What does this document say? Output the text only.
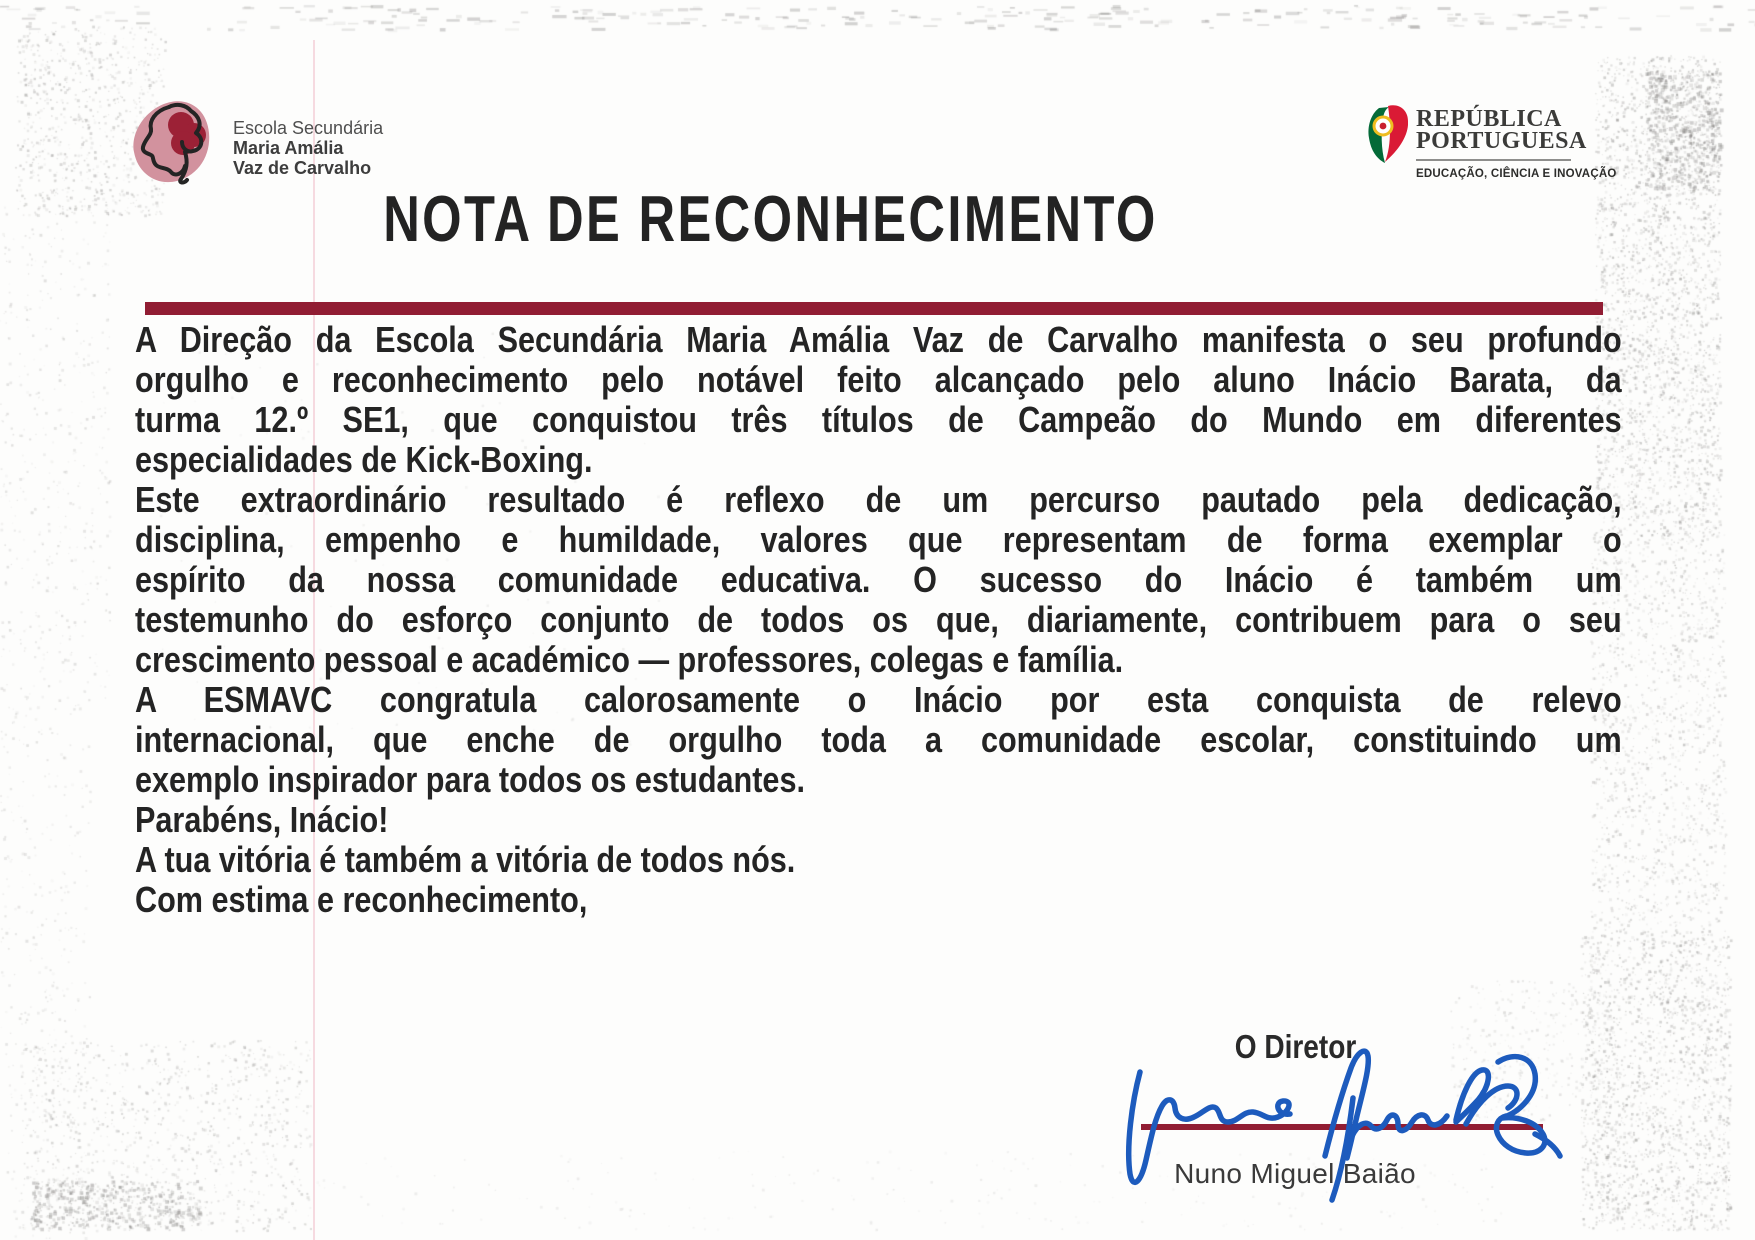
Escola Secundária
Maria Amália
Vaz de Carvalho
REPÚBLICA
PORTUGUESA
EDUCAÇÃO, CIÊNCIA E INOVAÇÃO
NOTA DE RECONHECIMENTO
A Direção da Escola Secundária Maria Amália Vaz de Carvalho manifesta o seu profundo
orgulho e reconhecimento pelo notável feito alcançado pelo aluno Inácio Barata, da
turma 12.º SE1, que conquistou três títulos de Campeão do Mundo em diferentes
especialidades de Kick-Boxing.
Este extraordinário resultado é reflexo de um percurso pautado pela dedicação,
disciplina, empenho e humildade, valores que representam de forma exemplar o
espírito da nossa comunidade educativa. O sucesso do Inácio é também um
testemunho do esforço conjunto de todos os que, diariamente, contribuem para o seu
crescimento pessoal e académico — professores, colegas e família.
A ESMAVC congratula calorosamente o Inácio por esta conquista de relevo
internacional, que enche de orgulho toda a comunidade escolar, constituindo um
exemplo inspirador para todos os estudantes.
Parabéns, Inácio!
A tua vitória é também a vitória de todos nós.
Com estima e reconhecimento,
O Diretor
Nuno Miguel Baião
